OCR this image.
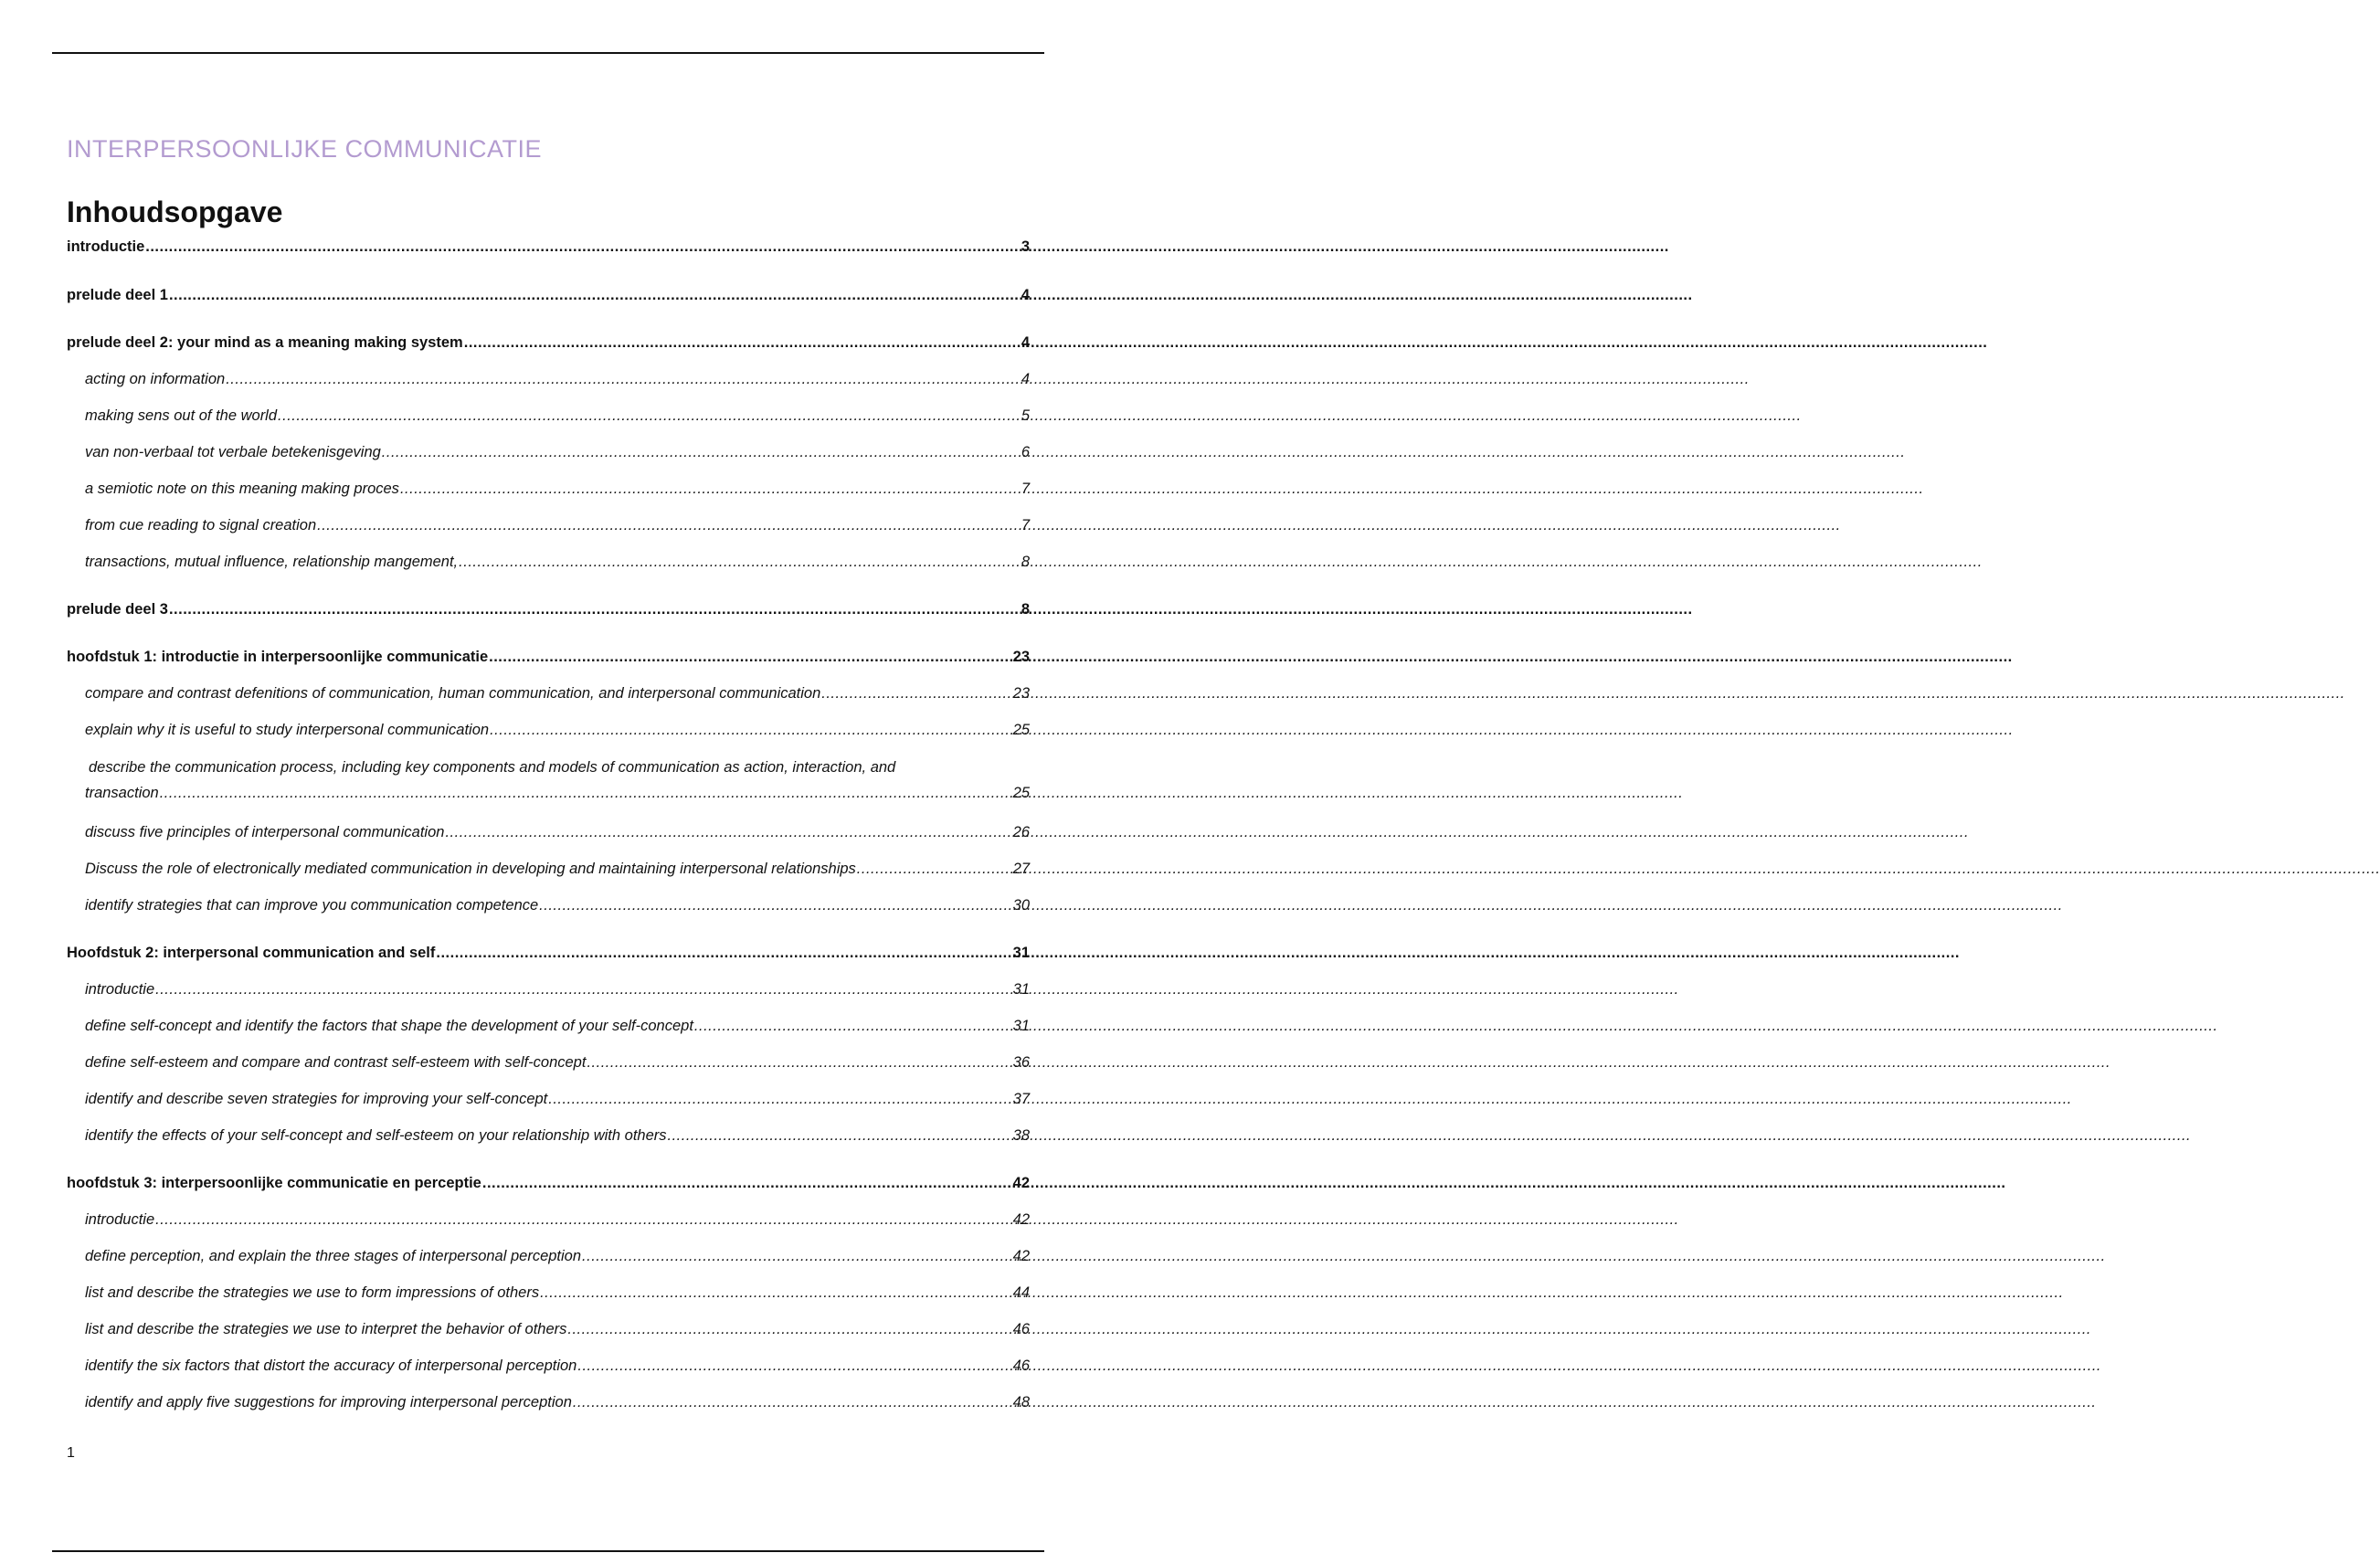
INTERPERSOONLIJKE COMMUNICATIE
Inhoudsopgave
introductie .....	3
prelude deel 1 .....	4
prelude deel 2: your mind as a meaning making system .....	4
acting on information .....	4
making sens out of the world .....	5
van non-verbaal tot verbale betekenisgeving .....	6
a semiotic note on this meaning making proces .....	7
from cue reading to signal creation .....	7
transactions, mutual influence, relationship mangement, .....	8
prelude deel 3 .....	8
hoofdstuk 1: introductie in interpersoonlijke communicatie .....	23
compare and contrast defenitions of communication, human communication, and interpersonal communication .....	23
explain why it is useful to study interpersonal communication .....	25
describe the communication process, including key components and models of communication as action, interaction, and
transaction .....	25
discuss five principles of interpersonal communication .....	26
Discuss the role of electronically mediated communication in developing and maintaining interpersonal relationships .....	27
identify strategies that can improve you communication competence .....	30
Hoofdstuk 2: interpersonal communication and self .....	31
introductie .....	31
define self-concept and identify the factors that shape the development of your self-concept .....	31
define self-esteem and compare and contrast self-esteem with self-concept .....	36
identify and describe seven strategies for improving your self-concept .....	37
identify the effects of your self-concept and self-esteem on your relationship with others .....	38
hoofdstuk 3: interpersoonlijke communicatie en perceptie .....	42
introductie .....	42
define perception, and explain the three stages of interpersonal perception .....	42
list and describe the strategies we use to form impressions of others .....	44
list and describe the strategies we use to interpret the behavior of others .....	46
identify the six factors that distort the accuracy of interpersonal perception .....	46
identify and apply five suggestions for improving interpersonal perception .....	48
1
